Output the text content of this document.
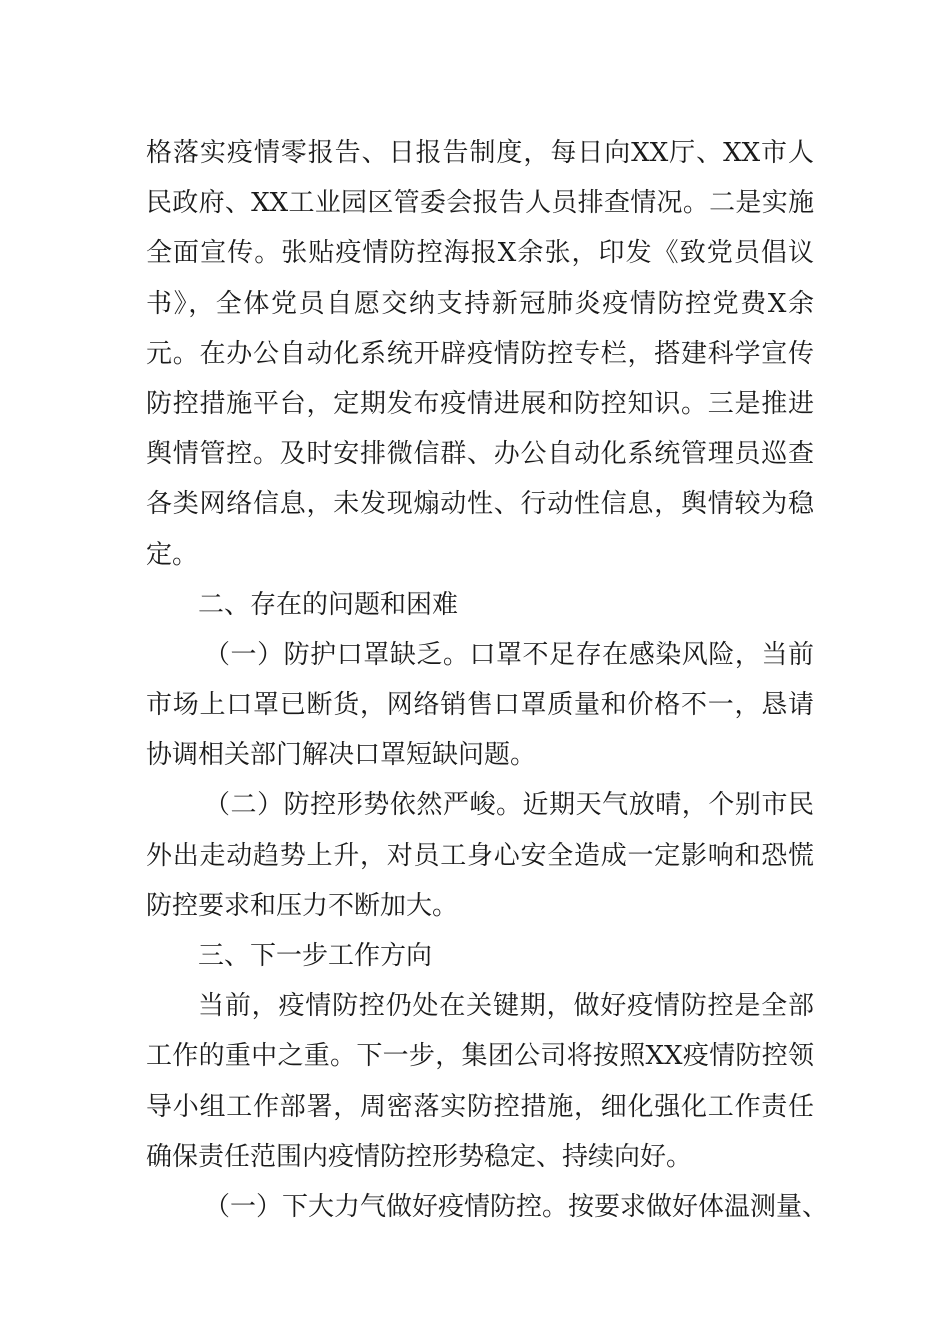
格落实疫情零报告、日报告制度，每日向XX厅、XX市人
民政府、XX工业园区管委会报告人员排查情况。二是实施
全面宣传。张贴疫情防控海报X余张，印发《致党员倡议
书》，全体党员自愿交纳支持新冠肺炎疫情防控党费X余
元。在办公自动化系统开辟疫情防控专栏，搭建科学宣传
防控措施平台，定期发布疫情进展和防控知识。三是推进
舆情管控。及时安排微信群、办公自动化系统管理员巡查
各类网络信息，未发现煽动性、行动性信息，舆情较为稳
定。
二、存在的问题和困难
（一）防护口罩缺乏。口罩不足存在感染风险，当前
市场上口罩已断货，网络销售口罩质量和价格不一，恳请
协调相关部门解决口罩短缺问题。
（二）防控形势依然严峻。近期天气放晴，个别市民
外出走动趋势上升，对员工身心安全造成一定影响和恐慌
防控要求和压力不断加大。
三、下一步工作方向
当前，疫情防控仍处在关键期，做好疫情防控是全部
工作的重中之重。下一步，集团公司将按照XX疫情防控领
导小组工作部署，周密落实防控措施，细化强化工作责任
确保责任范围内疫情防控形势稳定、持续向好。
（一）下大力气做好疫情防控。按要求做好体温测量、
